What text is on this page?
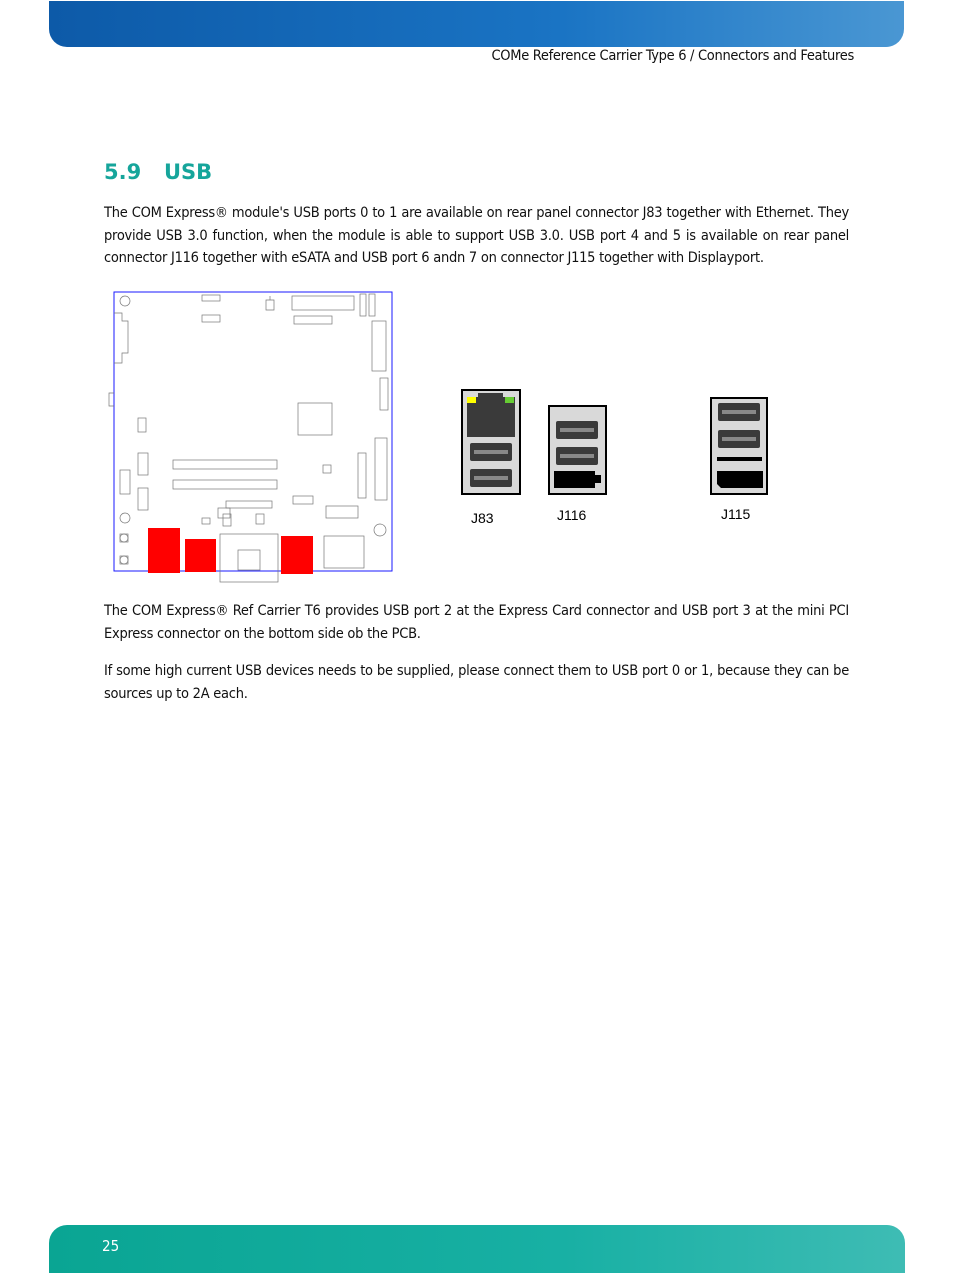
COMe Reference Carrier Type 6 / Connectors and Features
5.9 USB
The COM Express® module's USB ports 0 to 1 are available on rear panel connector J83 together with Ethernet. They provide USB 3.0 function, when the module is able to support USB 3.0. USB port 4 and 5 is available on rear panel connector J116 together with eSATA and USB port 6 andn 7 on connector J115 together with Displayport.
J83	J116	J115
The COM Express® Ref Carrier T6 provides USB port 2 at the Express Card connector and USB port 3 at the mini PCI Express connector on the bottom side ob the PCB.
If some high current USB devices needs to be supplied, please connect them to USB port 0 or 1, because they can be sources up to 2A each.
25
